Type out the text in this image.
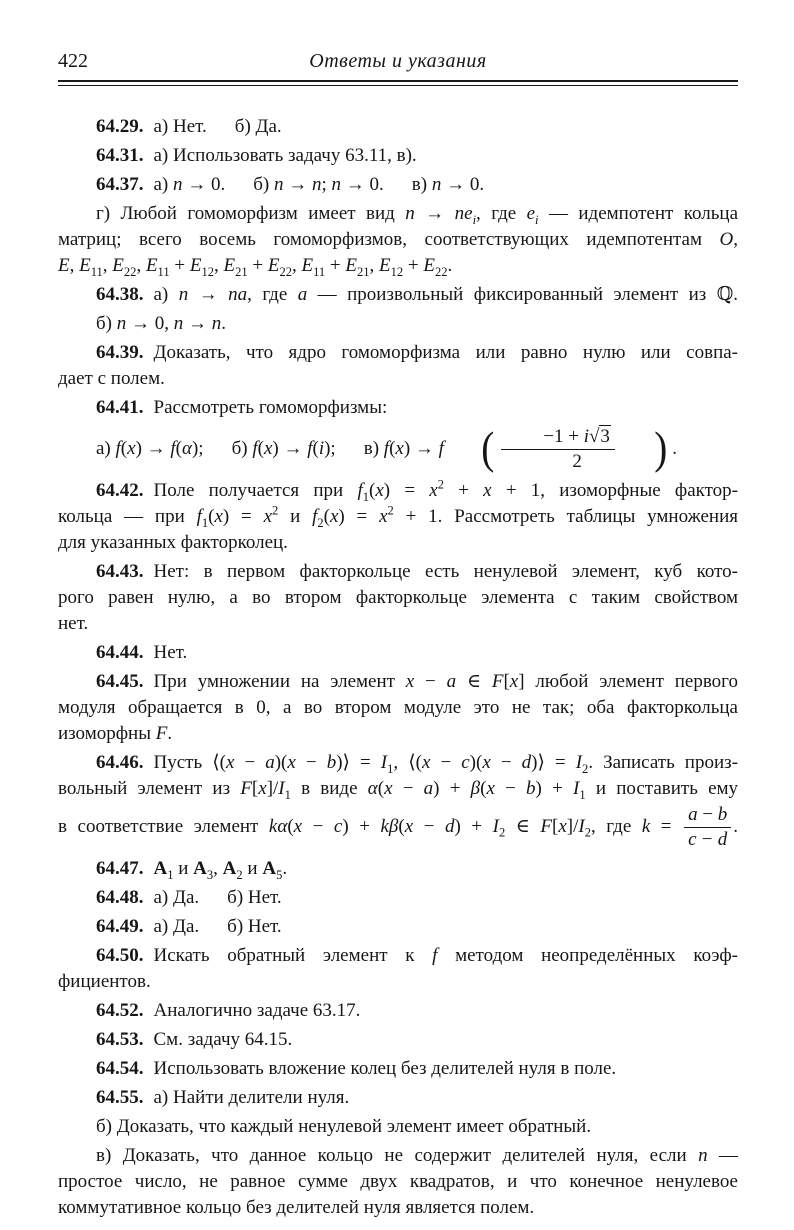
422	Ответы и указания
64.29. а) Нет. б) Да.
64.31. а) Использовать задачу 63.11, в).
64.37. а) n → 0. б) n → n; n → 0. в) n → 0.
г) Любой гомоморфизм имеет вид $n \to ne_i$, где $e_i$ — идемпотент кольца
матриц; всего восемь гомоморфизмов, соответствующих идемпотентам O,
E, $E_{11}$, $E_{22}$, $E_{11} + E_{12}$, $E_{21} + E_{22}$, $E_{11} + E_{21}$, $E_{12} + E_{22}$.
64.38. а) n → na, где a — произвольный фиксированный элемент из ℚ.
б) n → 0, n → n.
64.39. Доказать, что ядро гомоморфизма или равно нулю или совпа-
дает с полем.
64.41. Рассмотреть гомоморфизмы:
а) f(x) → f(α); б) f(x) → f(i); в) f(x) → f ( $\frac{-1 + i√3}{2}$ ) .
64.42. Поле получается при $f_1(x) = x^2 + x + 1$, изоморфные фактор-
кольца — при $f_1(x) = x^2$ и $f_2(x) = x^2 + 1$. Рассмотреть таблицы умножения
для указанных факторколец.
64.43. Нет: в первом факторкольце есть ненулевой элемент, куб кото-
рого равен нулю, а во втором факторкольце элемента с таким свойством
нет.
64.44. Нет.
64.45. При умножении на элемент x − a ∈ F[x] любой элемент первого
модуля обращается в 0, а во втором модуле это не так; оба факторкольца
изоморфны F.
64.46. Пусть ⟨(x − a)(x − b)⟩ = $I_1$, ⟨(x − c)(x − d)⟩ = $I_2$. Записать произ-
вольный элемент из $F[x]/I_1$ в виде $\alpha(x - a) + \beta(x - b) + I_1$ и поставить ему
в соответствие элемент $k\alpha(x - c) + k\beta(x - d) + I_2$ ∈ $F[x]/I_2$, где $k = \frac{a - b}{c - d}$ .
64.47. $A_1$ и $A_3$, $A_2$ и $A_5$.
64.48. а) Да. б) Нет.
64.49. а) Да. б) Нет.
64.50. Искать обратный элемент к f методом неопределённых коэф-
фициентов.
64.52. Аналогично задаче 63.17.
64.53. См. задачу 64.15.
64.54. Использовать вложение колец без делителей нуля в поле.
64.55. а) Найти делители нуля.
б) Доказать, что каждый ненулевой элемент имеет обратный.
в) Доказать, что данное кольцо не содержит делителей нуля, если n —
простое число, не равное сумме двух квадратов, и что конечное ненулевое
коммутативное кольцо без делителей нуля является полем.
